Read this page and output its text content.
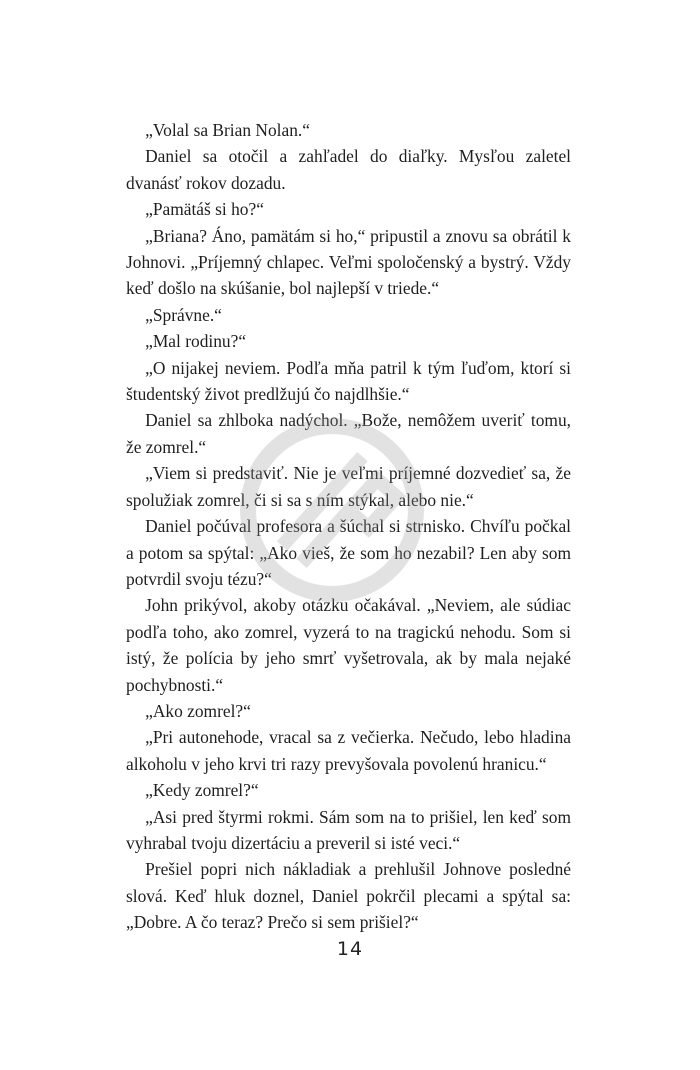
„Volal sa Brian Nolan.“

Daniel sa otočil a zahľadel do diaľky. Mysľou zaletel dvanásť rokov dozadu.

„Pamätáš si ho?“

„Briana? Áno, pamätám si ho,“ pripustil a znovu sa obrátil k Johnovi. „Príjemný chlapec. Veľmi spoločenský a bystrý. Vždy keď došlo na skúšanie, bol najlepší v triede.“

„Správne.“

„Mal rodinu?“

„O nijakej neviem. Podľa mňa patril k tým ľuďom, ktorí si študentský život predlžujú čo najdlhšie.“

Daniel sa zhlboka nadýchol. „Bože, nemôžem uveriť tomu, že zomrel.“

„Viem si predstaviť. Nie je veľmi príjemné dozvedieť sa, že spolužiak zomrel, či si sa s ním stýkal, alebo nie.“

Daniel počúval profesora a šúchal si strnisko. Chvíľu počkal a potom sa spýtal: „Ako vieš, že som ho nezabil? Len aby som potvrdil svoju tézu?“

John prikývol, akoby otázku očakával. „Neviem, ale súdiac podľa toho, ako zomrel, vyzerá to na tragickú nehodu. Som si istý, že polícia by jeho smrť vyšetrovala, ak by mala nejaké pochybnosti.“

„Ako zomrel?“

„Pri autonehode, vracal sa z večierka. Nečudo, lebo hladina alkoholu v jeho krvi tri razy prevyšovala povolenú hranicu.“

„Kedy zomrel?“

„Asi pred štyrmi rokmi. Sám som na to prišiel, len keď som vyhrabal tvoju dizertáciu a preveril si isté veci.“

Prešiel popri nich nákladiak a prehlušil Johnove posledné slová. Keď hluk doznel, Daniel pokrčil plecami a spýtal sa: „Dobre. A čo teraz? Prečo si sem prišiel?“

14
